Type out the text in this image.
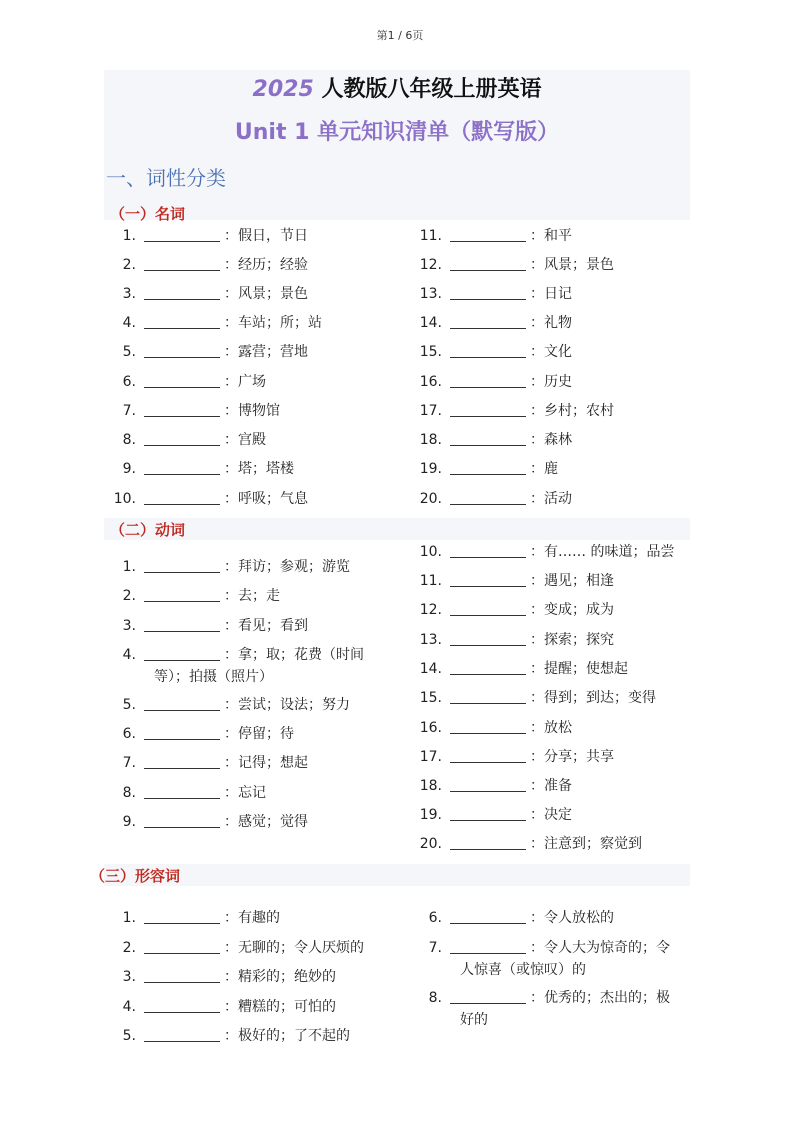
第1 / 6页
2025 人教版八年级上册英语
Unit 1 单元知识清单（默写版）
一、词性分类
（一）名词
（二）动词
（三）形容词
1.	：假日，节日
2.	：经历；经验
3.	：风景；景色
4.	：车站；所；站
5.	：露营；营地
6.	：广场
7.	：博物馆
8.	：宫殿
9.	：塔；塔楼
10.	：呼吸；气息
11.	：和平
12.	：风景；景色
13.	：日记
14.	：礼物
15.	：文化
16.	：历史
17.	：乡村；农村
18.	：森林
19.	：鹿
20.	：活动
1.	：拜访；参观；游览
2.	：去；走
3.	：看见；看到
4.	：拿；取；花费（时间
等）；拍摄（照片）
5.	：尝试；设法；努力
6.	：停留；待
7.	：记得；想起
8.	：忘记
9.	：感觉；觉得
10.	：有…… 的味道；品尝
11.	：遇见；相逢
12.	：变成；成为
13.	：探索；探究
14.	：提醒；使想起
15.	：得到；到达；变得
16.	：放松
17.	：分享；共享
18.	：准备
19.	：决定
20.	：注意到；察觉到
1.	：有趣的
2.	：无聊的；令人厌烦的
3.	：精彩的；绝妙的
4.	：糟糕的；可怕的
5.	：极好的；了不起的
6.	：令人放松的
7.	：令人大为惊奇的；令
人惊喜（或惊叹）的
8.	：优秀的；杰出的；极
好的
